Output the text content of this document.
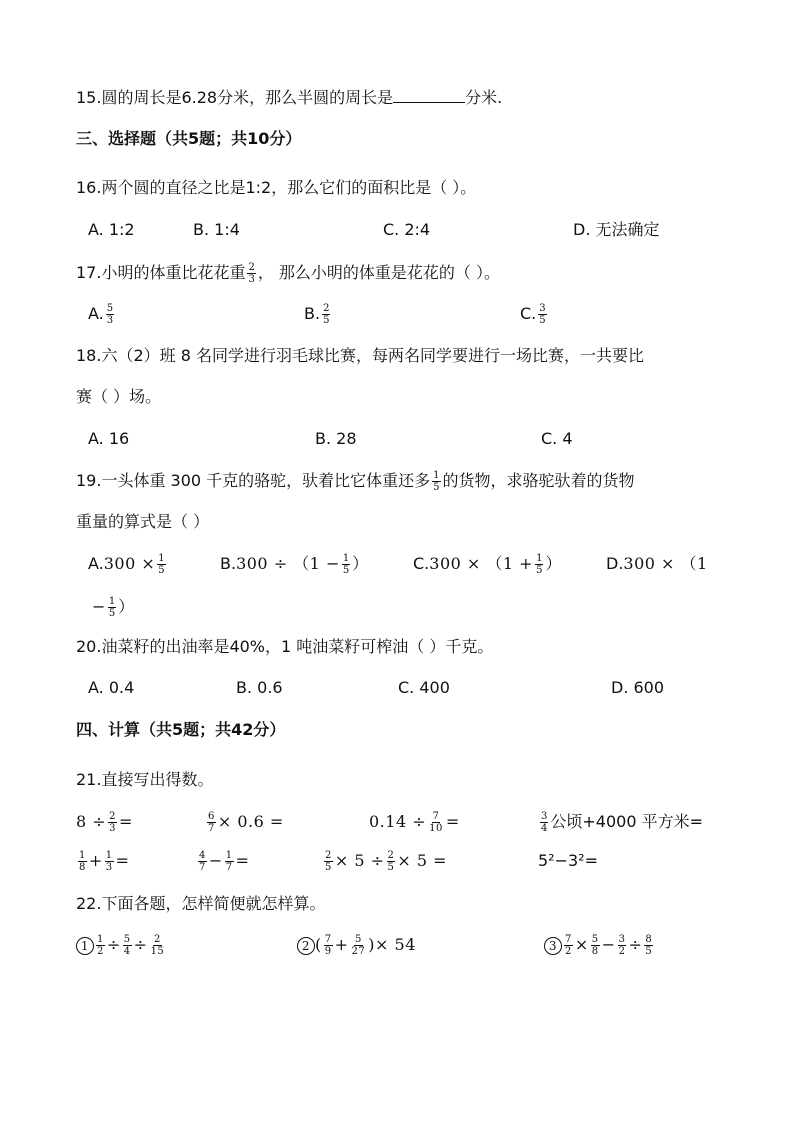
15.圆的周长是6.28分米，那么半圆的周长是	分米.
三、选择题（共5题；共10分）
16.两个圆的直径之比是1:2，那么它们的面积比是（ ）。
A. 1:2	B. 1:4	C. 2:4	D. 无法确定
17.小明的体重比花花重 $\frac{2}{3}$ ， 那么小明的体重是花花的（ ）。
A. $\frac{5}{3}$	B. $\frac{2}{5}$	C. $\frac{3}{5}$
18.六（2）班 8 名同学进行羽毛球比赛，每两名同学要进行一场比赛，一共要比
赛（ ）场。
A. 16	B. 28	C. 4
19.一头体重 300 千克的骆驼，驮着比它体重还多 $\frac{1}{5}$ 的货物，求骆驼驮着的货物
重量的算式是（ ）
$A.300 \times \frac{1}{5}$	$B.300 \div (1 - \frac{1}{5}$ ）	$C.300 \times (1 + \frac{1}{5}$ ）	D.300 × （1
− $\frac{1}{5}$ ）
20.油菜籽的出油率是40%，1 吨油菜籽可榨油（ ）千克。
A. 0.4	B. 0.6	C. 400	D. 600
四、计算（共5题；共42分）
21.直接写出得数。
$8 \div \frac{2}{3}$ =	$\frac{6}{7} \times 0.6$ =	$0.14 \div \frac{7}{10}$ =	$\frac{3}{4}$ 公顷+4000 平方米=
$\frac{1}{8} + \frac{1}{3}$ =	$\frac{4}{7} - \frac{1}{7}$ =	$\frac{2}{5} \times 5 \div \frac{2}{5} \times 5$ =	5²−3²=
22.下面各题，怎样简便就怎样算。
$1 \frac{1}{2} \div \frac{5}{4} \div \frac{2}{15}$	2 ( $\frac{7}{9} + \frac{5}{27}$ )× 54	$3 \frac{7}{2} \times \frac{5}{8} - \frac{3}{2} \div \frac{8}{5}$
